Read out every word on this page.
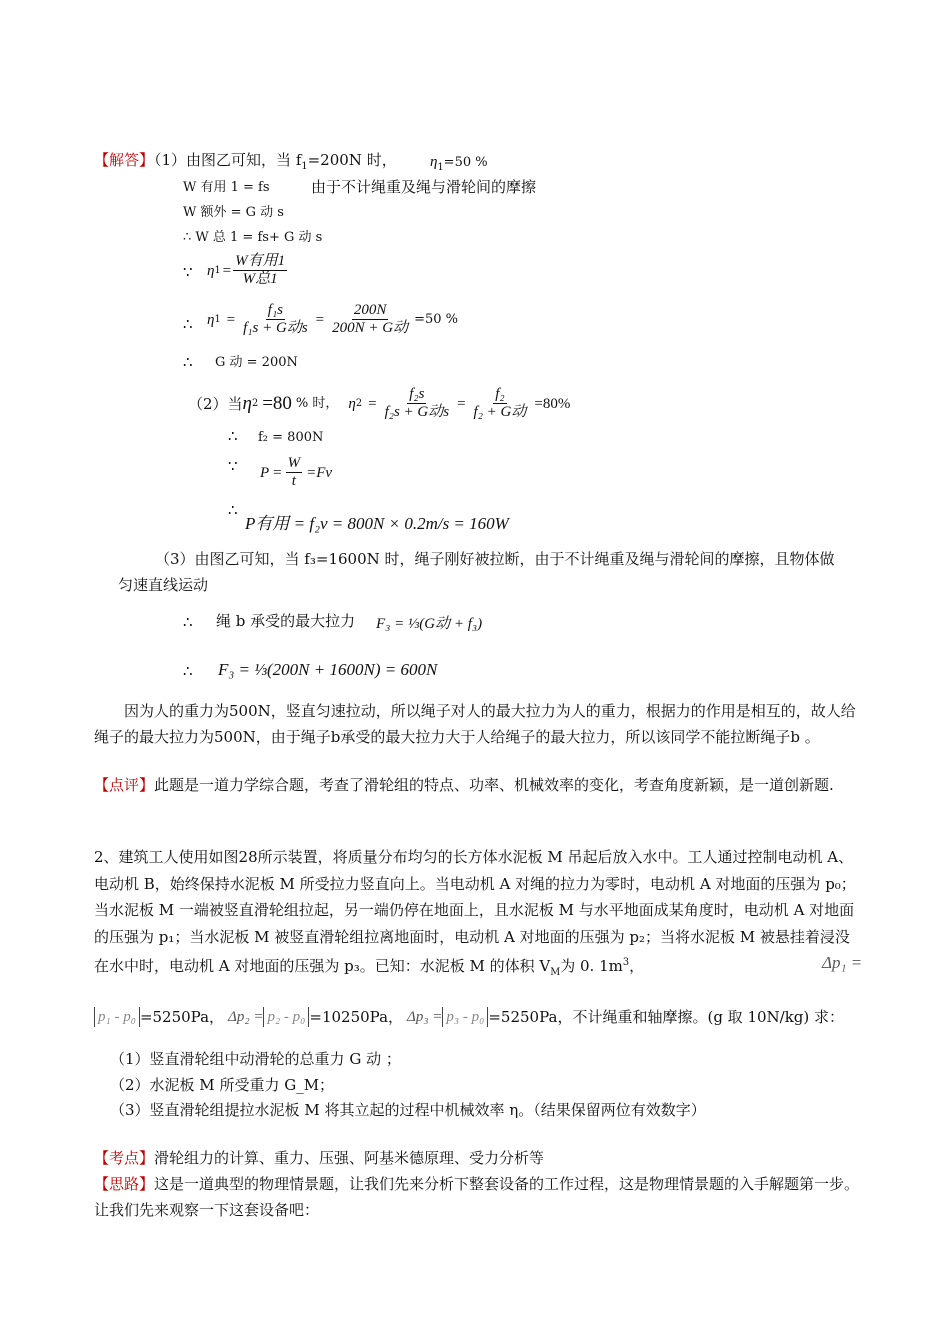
【解答】（1）由图乙可知，当 $f_1=200N$ 时， $\eta_1=50$ %
W 有用 1 = fs	由于不计绳重及绳与滑轮间的摩擦
W 额外 = G 动 s
∴ W 总 1 = fs+ G 动 s
∵ η $1 = \frac{\text{W有用1}}{\text{W总1}}$
∴ η $1 = \frac{\text{f₁s}}{\text{f₁s + G动s}} = \frac{200N}{\text{200N + G动}} =50$ %
∴ G 动 = 200N
（2）当 η 2 =80 % 时， η $2 = \frac{\text{f₂s}}{\text{f₂s + G动s}} = \frac{\text{f₂}}{\text{f₂ + G动}} =80\%$
∴ f₂ = 800N
∵ $P = \frac{W}{t} =Fv$
∴
P有用 = f₂v = 800N × 0.2m/s = 160W
（3）由图乙可知，当 f₃=1600N 时，绳子刚好被拉断，由于不计绳重及绳与滑轮间的摩擦，且物体做
匀速直线运动
∴ 绳 b 承受的最大拉力 F₃ = ⅓(G动 + f₃)
∴ F₃ = ⅓(200N + 1600N) = 600N
因为人的重力为500N，竖直匀速拉动，所以绳子对人的最大拉力为人的重力，根据力的作用是相互的，故人给绳子的最大拉力为500N，由于绳子b承受的最大拉力大于人给绳子的最大拉力，所以该同学不能拉断绳子b 。
【点评】此题是一道力学综合题，考查了滑轮组的特点、功率、机械效率的变化，考查角度新颖，是一道创新题.
2、建筑工人使用如图28所示装置，将质量分布均匀的长方体水泥板 M 吊起后放入水中。工人通过控制电动机 A、电动机 B，始终保持水泥板 M 所受拉力竖直向上。当电动机 A 对绳的拉力为零时，电动机 A 对地面的压强为 p₀；当水泥板 M 一端被竖直滑轮组拉起，另一端仍停在地面上，且水泥板 M 与水平地面成某角度时，电动机 A 对地面的压强为 p₁；当水泥板 M 被竖直滑轮组拉离地面时，电动机 A 对地面的压强为 p₂；当将水泥板 M 被悬挂着浸没在水中时，电动机 A 对地面的压强为 p₃。已知：水泥板 M 的体积 $V_M$为 0. $1m^3$，	Δp₁ =
p₁ - p₀ =5250Pa， Δp₂ = p₂ - p₀ =10250Pa， Δp₃ = p₃ - p₀ =5250Pa，不计绳重和轴摩擦。(g 取 10N/kg) 求：
（1）竖直滑轮组中动滑轮的总重力 G 动 ；
（2）水泥板 M 所受重力 G_M；
（3）竖直滑轮组提拉水泥板 M 将其立起的过程中机械效率 η。（结果保留两位有效数字）
【考点】滑轮组力的计算、重力、压强、阿基米德原理、受力分析等
【思路】这是一道典型的物理情景题，让我们先来分析下整套设备的工作过程，这是物理情景题的入手解题第一步。让我们先来观察一下这套设备吧：
